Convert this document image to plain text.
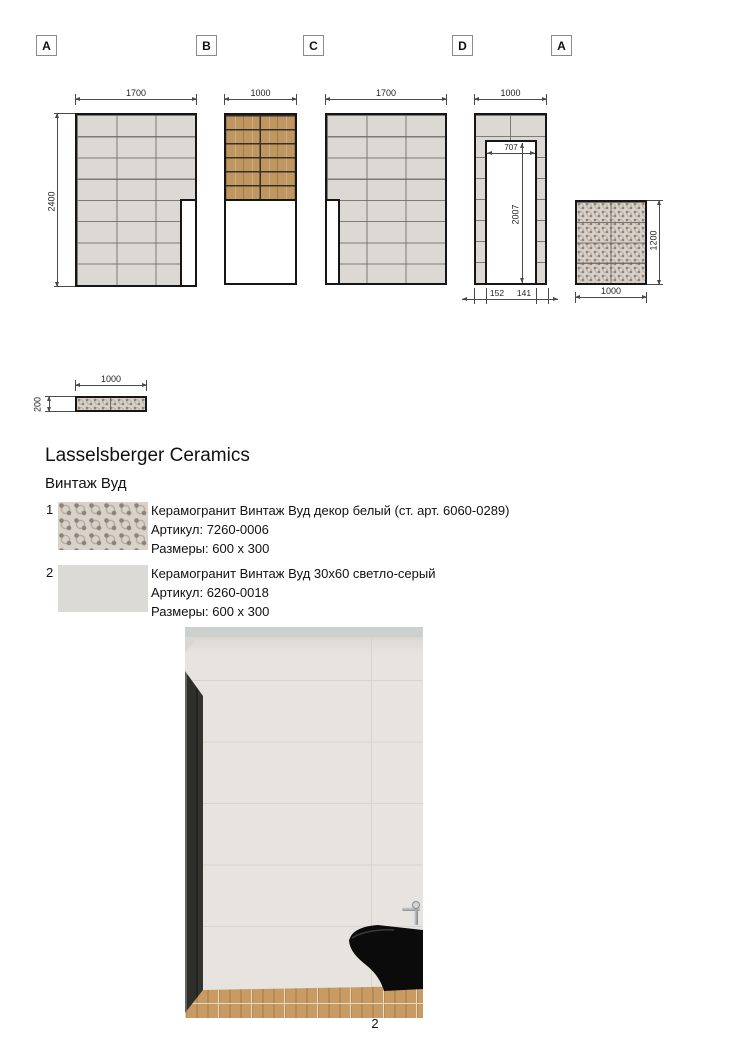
A	B	C	D	A
1700
2400
1000	1700	1000
707
2007
152 141
1200
1000
1000
200
Lasselsberger Ceramics
Винтаж Вуд
1	Керамогранит Винтаж Вуд декор белый (ст. арт. 6060-0289)
Артикул: 7260-0006
Размеры: 600 x 300
2	Керамогранит Винтаж Вуд 30х60 светло-серый
Артикул: 6260-0018
Размеры: 600 x 300
2
